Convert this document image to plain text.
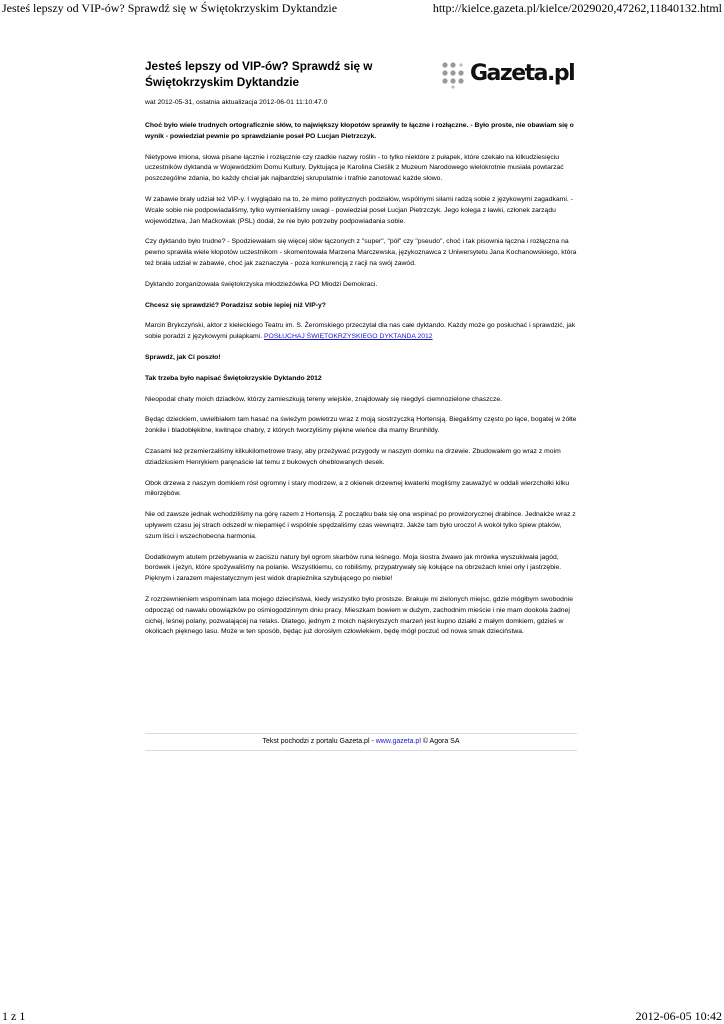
Jesteś lepszy od VIP-ów? Sprawdź się w Świętokrzyskim Dyktandzie	http://kielce.gazeta.pl/kielce/2029020,47262,11840132.html
Jesteś lepszy od VIP-ów? Sprawdź się w Świętokrzyskim Dyktandzie	Gazeta.pl

wat 2012-05-31, ostatnia aktualizacja 2012-06-01 11:10:47.0

Choć było wiele trudnych ortograficznie słów, to największy kłopotów sprawiły te łączne i rozłączne. - Było proste, nie obawiam się o wynik - powiedział pewnie po sprawdzianie poseł PO Lucjan Pietrzczyk.

Nietypowe imiona, słowa pisane łącznie i rozłącznie czy rzadkie nazwy roślin - to tylko niektóre z pułapek, które czekało na kilkudziesięciu uczestników dyktanda w Wojewódzkim Domu Kultury. Dyktująca je Karolina Cieślik z Muzeum Narodowego wielokrotnie musiała powtarzać poszczególne zdania, bo każdy chciał jak najbardziej skrupulatnie i trafnie zanotować każde słowo.

W zabawie brały udział też VIP-y. I wyglądało na to, że mimo politycznych podziałów, wspólnymi siłami radzą sobie z językowymi zagadkami. - Wcale sobie nie podpowiadaliśmy, tylko wymienialiśmy uwagi - powiedział poseł Lucjan Pietrzczyk. Jego kolega z ławki, członek zarządu województwa, Jan Maćkowiak (PSL) dodał, że nie było potrzeby podpowiadania sobie.

Czy dyktando było trudne? - Spodziewałam się więcej słów łączonych z "super", "pół" czy "pseudo", choć i tak pisownia łączna i rozłączna na pewno sprawiła wiele kłopotów uczestnikom - skomentowała Marzena Marczewska, językoznawca z Uniwersytetu Jana Kochanowskiego, która też brała udział w zabawie, choć jak zaznaczyła - poza konkurencją z racji na swój zawód.

Dyktando zorganizowała świętokrzyska młodzieżówka PO Młodzi Demokraci.

Chcesz się sprawdzić? Poradzisz sobie lepiej niż VIP-y?

Marcin Brykczyński, aktor z kieleckiego Teatru im. S. Żeromskiego przeczytał dla nas całe dyktando. Każdy może go posłuchać i sprawdzić, jak sobie poradzi z językowymi pułapkami. POSŁUCHAJ ŚWIĘTOKRZYSKIEGO DYKTANDA 2012

Sprawdź, jak Ci poszło!

Tak trzeba było napisać Świętokrzyskie Dyktando 2012

Nieopodal chaty moich dziadków, którzy zamieszkują tereny wiejskie, znajdowały się niegdyś ciemnozielone chaszcze.

Będąc dzieckiem, uwielbiałem tam hasać na świeżym powietrzu wraz z moją siostrzyczką Hortensją. Biegaliśmy często po łące, bogatej w żółte żonkile i bladobłękitne, kwitnące chabry, z których tworzyliśmy piękne wieńce dla mamy Brunhildy.

Czasami też przemierzaliśmy kilkukilometrowe trasy, aby przeżywać przygody w naszym domku na drzewie. Zbudowałem go wraz z moim dziadziusiem Henrykiem paręnaście lat temu z bukowych oheblowanych desek.

Obok drzewa z naszym domkiem rósł ogromny i stary modrzew, a z okienek drzewnej kwaterki mogliśmy zauważyć w oddali wierzchołki kilku miłorzębów.

Nie od zawsze jednak wchodziliśmy na górę razem z Hortensją. Z początku bała się ona wspinać po prowizorycznej drabince. Jednakże wraz z upływem czasu jej strach odszedł w niepamięć i wspólnie spędzaliśmy czas wewnątrz. Jakże tam było uroczo! A wokół tylko śpiew ptaków, szum liści i wszechobecna harmonia.

Dodatkowym atutem przebywania w zaciszu natury był ogrom skarbów runa leśnego. Moja siostra żwawo jak mrówka wyszukiwała jagód, borówek i jeżyn, które spożywaliśmy na polanie. Wszystkiemu, co robiliśmy, przypatrywały się kołujące na obrzeżach kniei orły i jastrzębie. Pięknym i zarazem majestatycznym jest widok drapieżnika szybującego po niebie!

Z rozrzewnieniem wspominam lata mojego dzieciństwa, kiedy wszystko było prostsze. Brakuje mi zielonych miejsc, gdzie mógłbym swobodnie odpocząć od nawału obowiązków po ośmiogodzinnym dniu pracy. Mieszkam bowiem w dużym, zachodnim mieście i nie mam dookoła żadnej cichej, leśnej polany, pozwalającej na relaks. Dlatego, jednym z moich najskrytszych marzeń jest kupno działki z małym domkiem, gdzieś w okolicach pięknego lasu. Może w ten sposób, będąc już dorosłym człowiekiem, będę mógł poczuć od nowa smak dzieciństwa.

Tekst pochodzi z portalu Gazeta.pl - www.gazeta.pl © Agora SA
1 z 1	2012-06-05 10:42
